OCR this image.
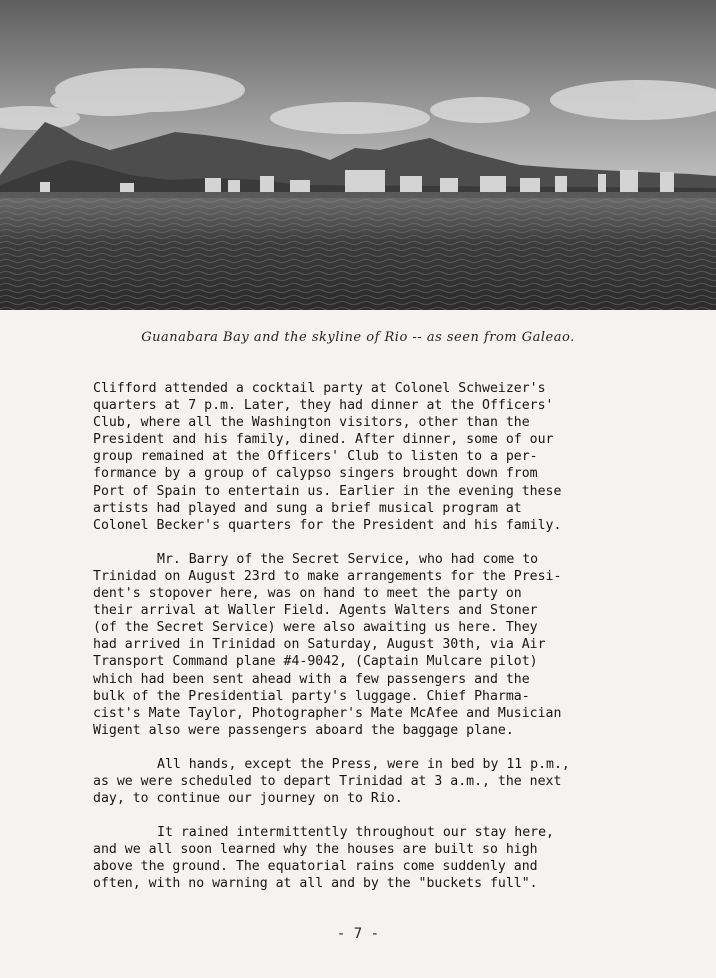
Guanabara Bay and the skyline of Rio -- as seen from Galeao.

Clifford attended a cocktail party at Colonel Schweizer's
quarters at 7 p.m. Later, they had dinner at the Officers'
Club, where all the Washington visitors, other than the
President and his family, dined. After dinner, some of our
group remained at the Officers' Club to listen to a per-
formance by a group of calypso singers brought down from
Port of Spain to entertain us. Earlier in the evening these
artists had played and sung a brief musical program at
Colonel Becker's quarters for the President and his family.

Mr. Barry of the Secret Service, who had come to
Trinidad on August 23rd to make arrangements for the Presi-
dent's stopover here, was on hand to meet the party on
their arrival at Waller Field. Agents Walters and Stoner
(of the Secret Service) were also awaiting us here. They
had arrived in Trinidad on Saturday, August 30th, via Air
Transport Command plane #4-9042, (Captain Mulcare pilot)
which had been sent ahead with a few passengers and the
bulk of the Presidential party's luggage. Chief Pharma-
cist's Mate Taylor, Photographer's Mate McAfee and Musician
Wigent also were passengers aboard the baggage plane.

All hands, except the Press, were in bed by 11 p.m.,
as we were scheduled to depart Trinidad at 3 a.m., the next
day, to continue our journey on to Rio.

It rained intermittently throughout our stay here,
and we all soon learned why the houses are built so high
above the ground. The equatorial rains come suddenly and
often, with no warning at all and by the "buckets full".

- 7 -
